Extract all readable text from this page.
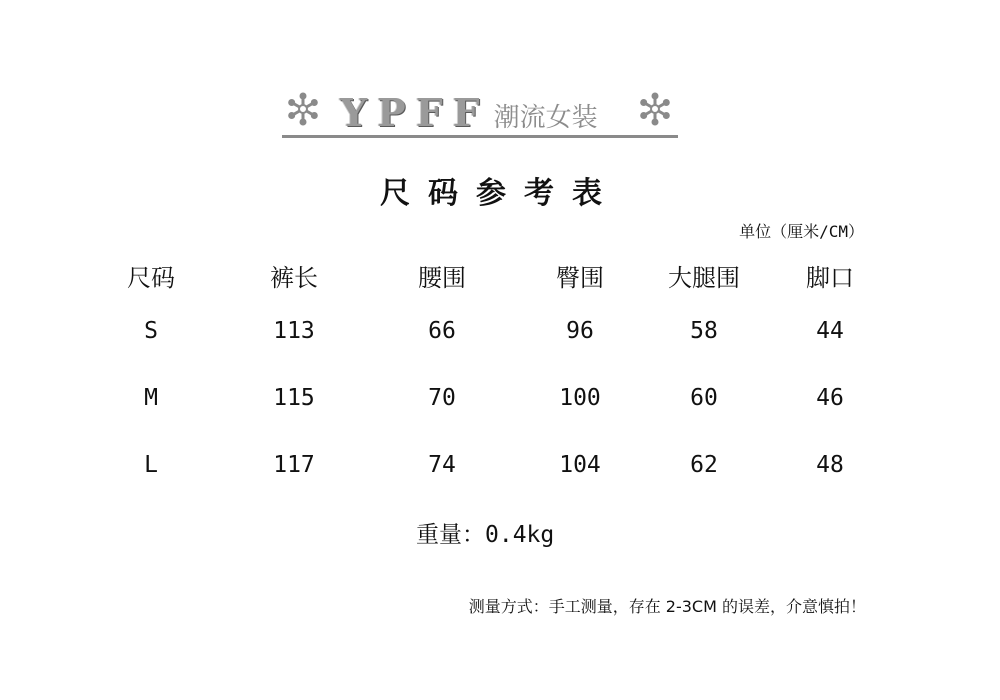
YPFF 潮流女装
尺码参考表
单位（厘米/CM）
尺码	裤长	腰围	臀围	大腿围	脚口
S	113	66	96	58	44
M	115	70	100	60	46
L	117	74	104	62	48
重量：0.4kg
测量方式：手工测量，存在 2-3CM 的误差，介意慎拍！
